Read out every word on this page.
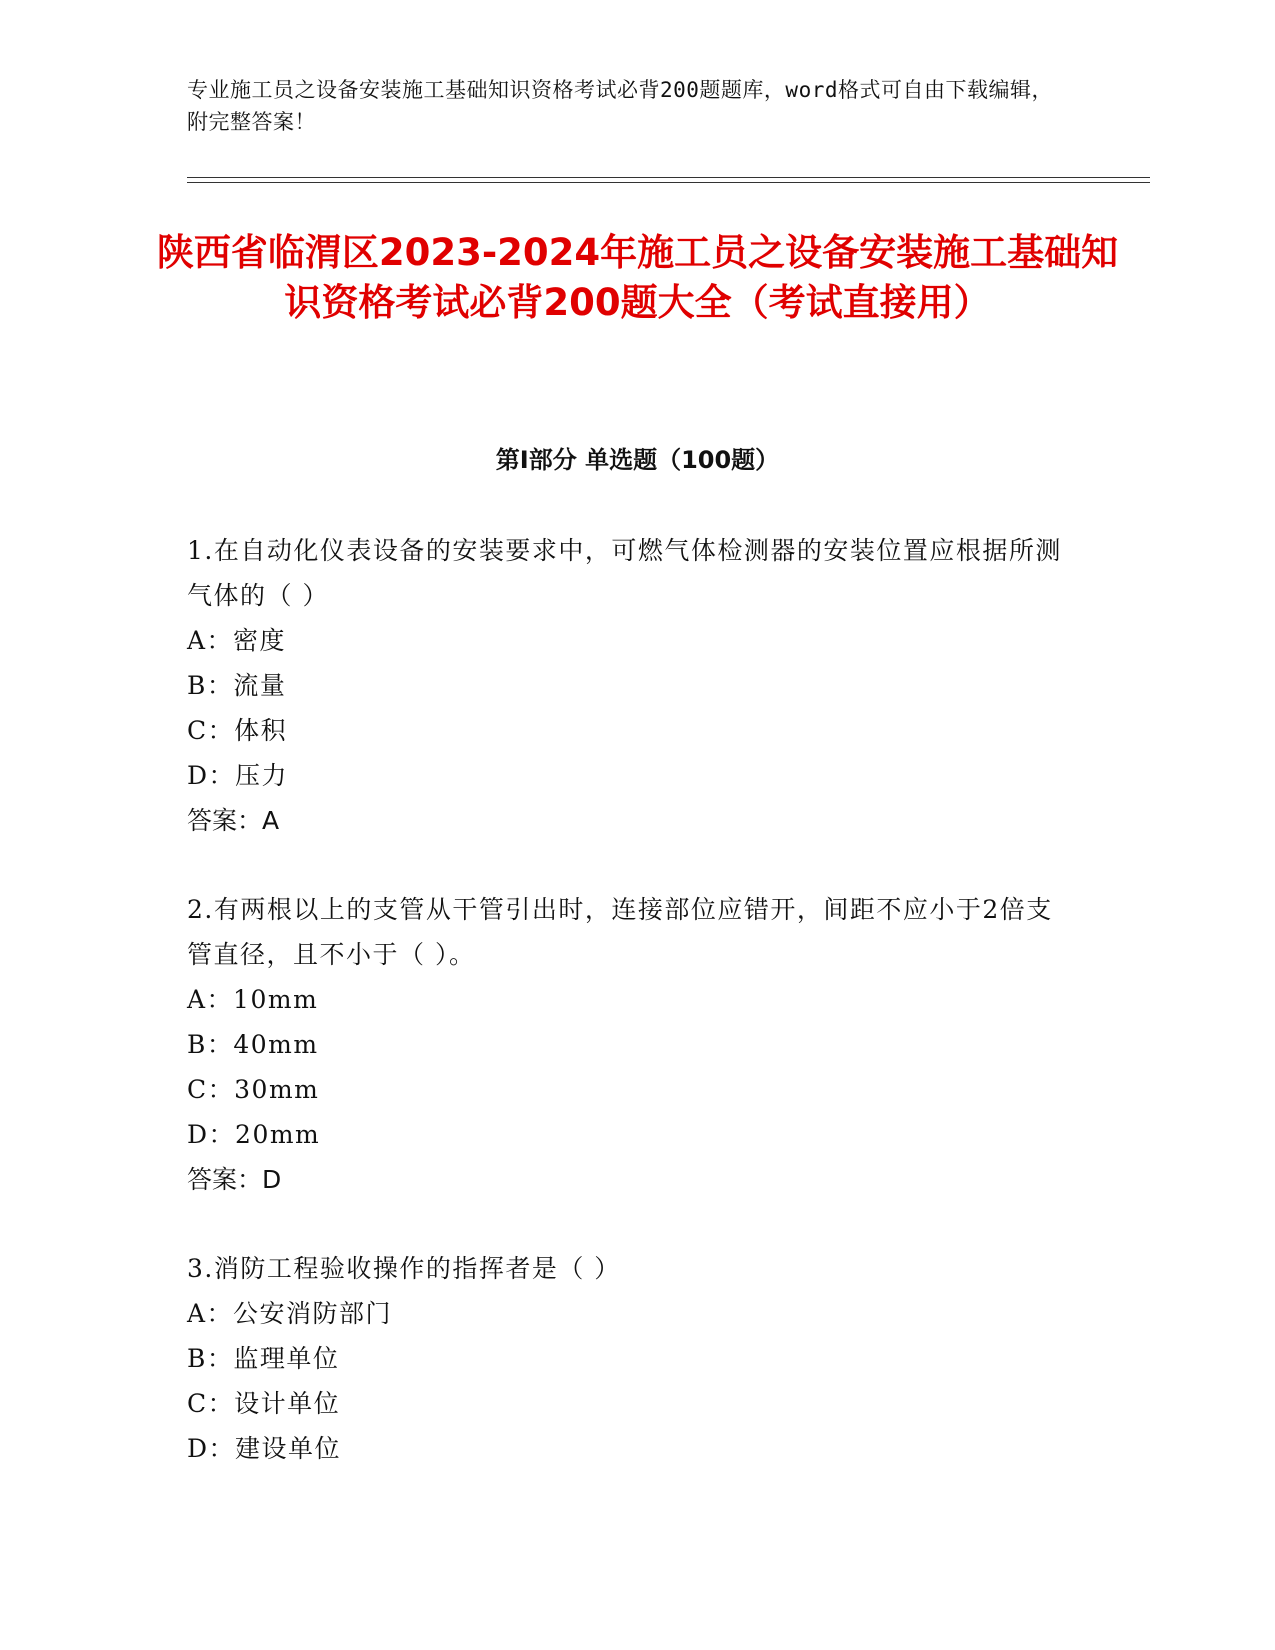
专业施工员之设备安装施工基础知识资格考试必背200题题库，word格式可自由下载编辑，附完整答案！
陕西省临渭区2023-2024年施工员之设备安装施工基础知识资格考试必背200题大全（考试直接用）
第Ⅰ部分 单选题（100题）
1.在自动化仪表设备的安装要求中，可燃气体检测器的安装位置应根据所测气体的（ ）
A：密度
B：流量
C：体积
D：压力
答案：A
2.有两根以上的支管从干管引出时，连接部位应错开，间距不应小于2倍支管直径，且不小于（ ）。
A：10mm
B：40mm
C：30mm
D：20mm
答案：D
3.消防工程验收操作的指挥者是（ ）
A：公安消防部门
B：监理单位
C：设计单位
D：建设单位
